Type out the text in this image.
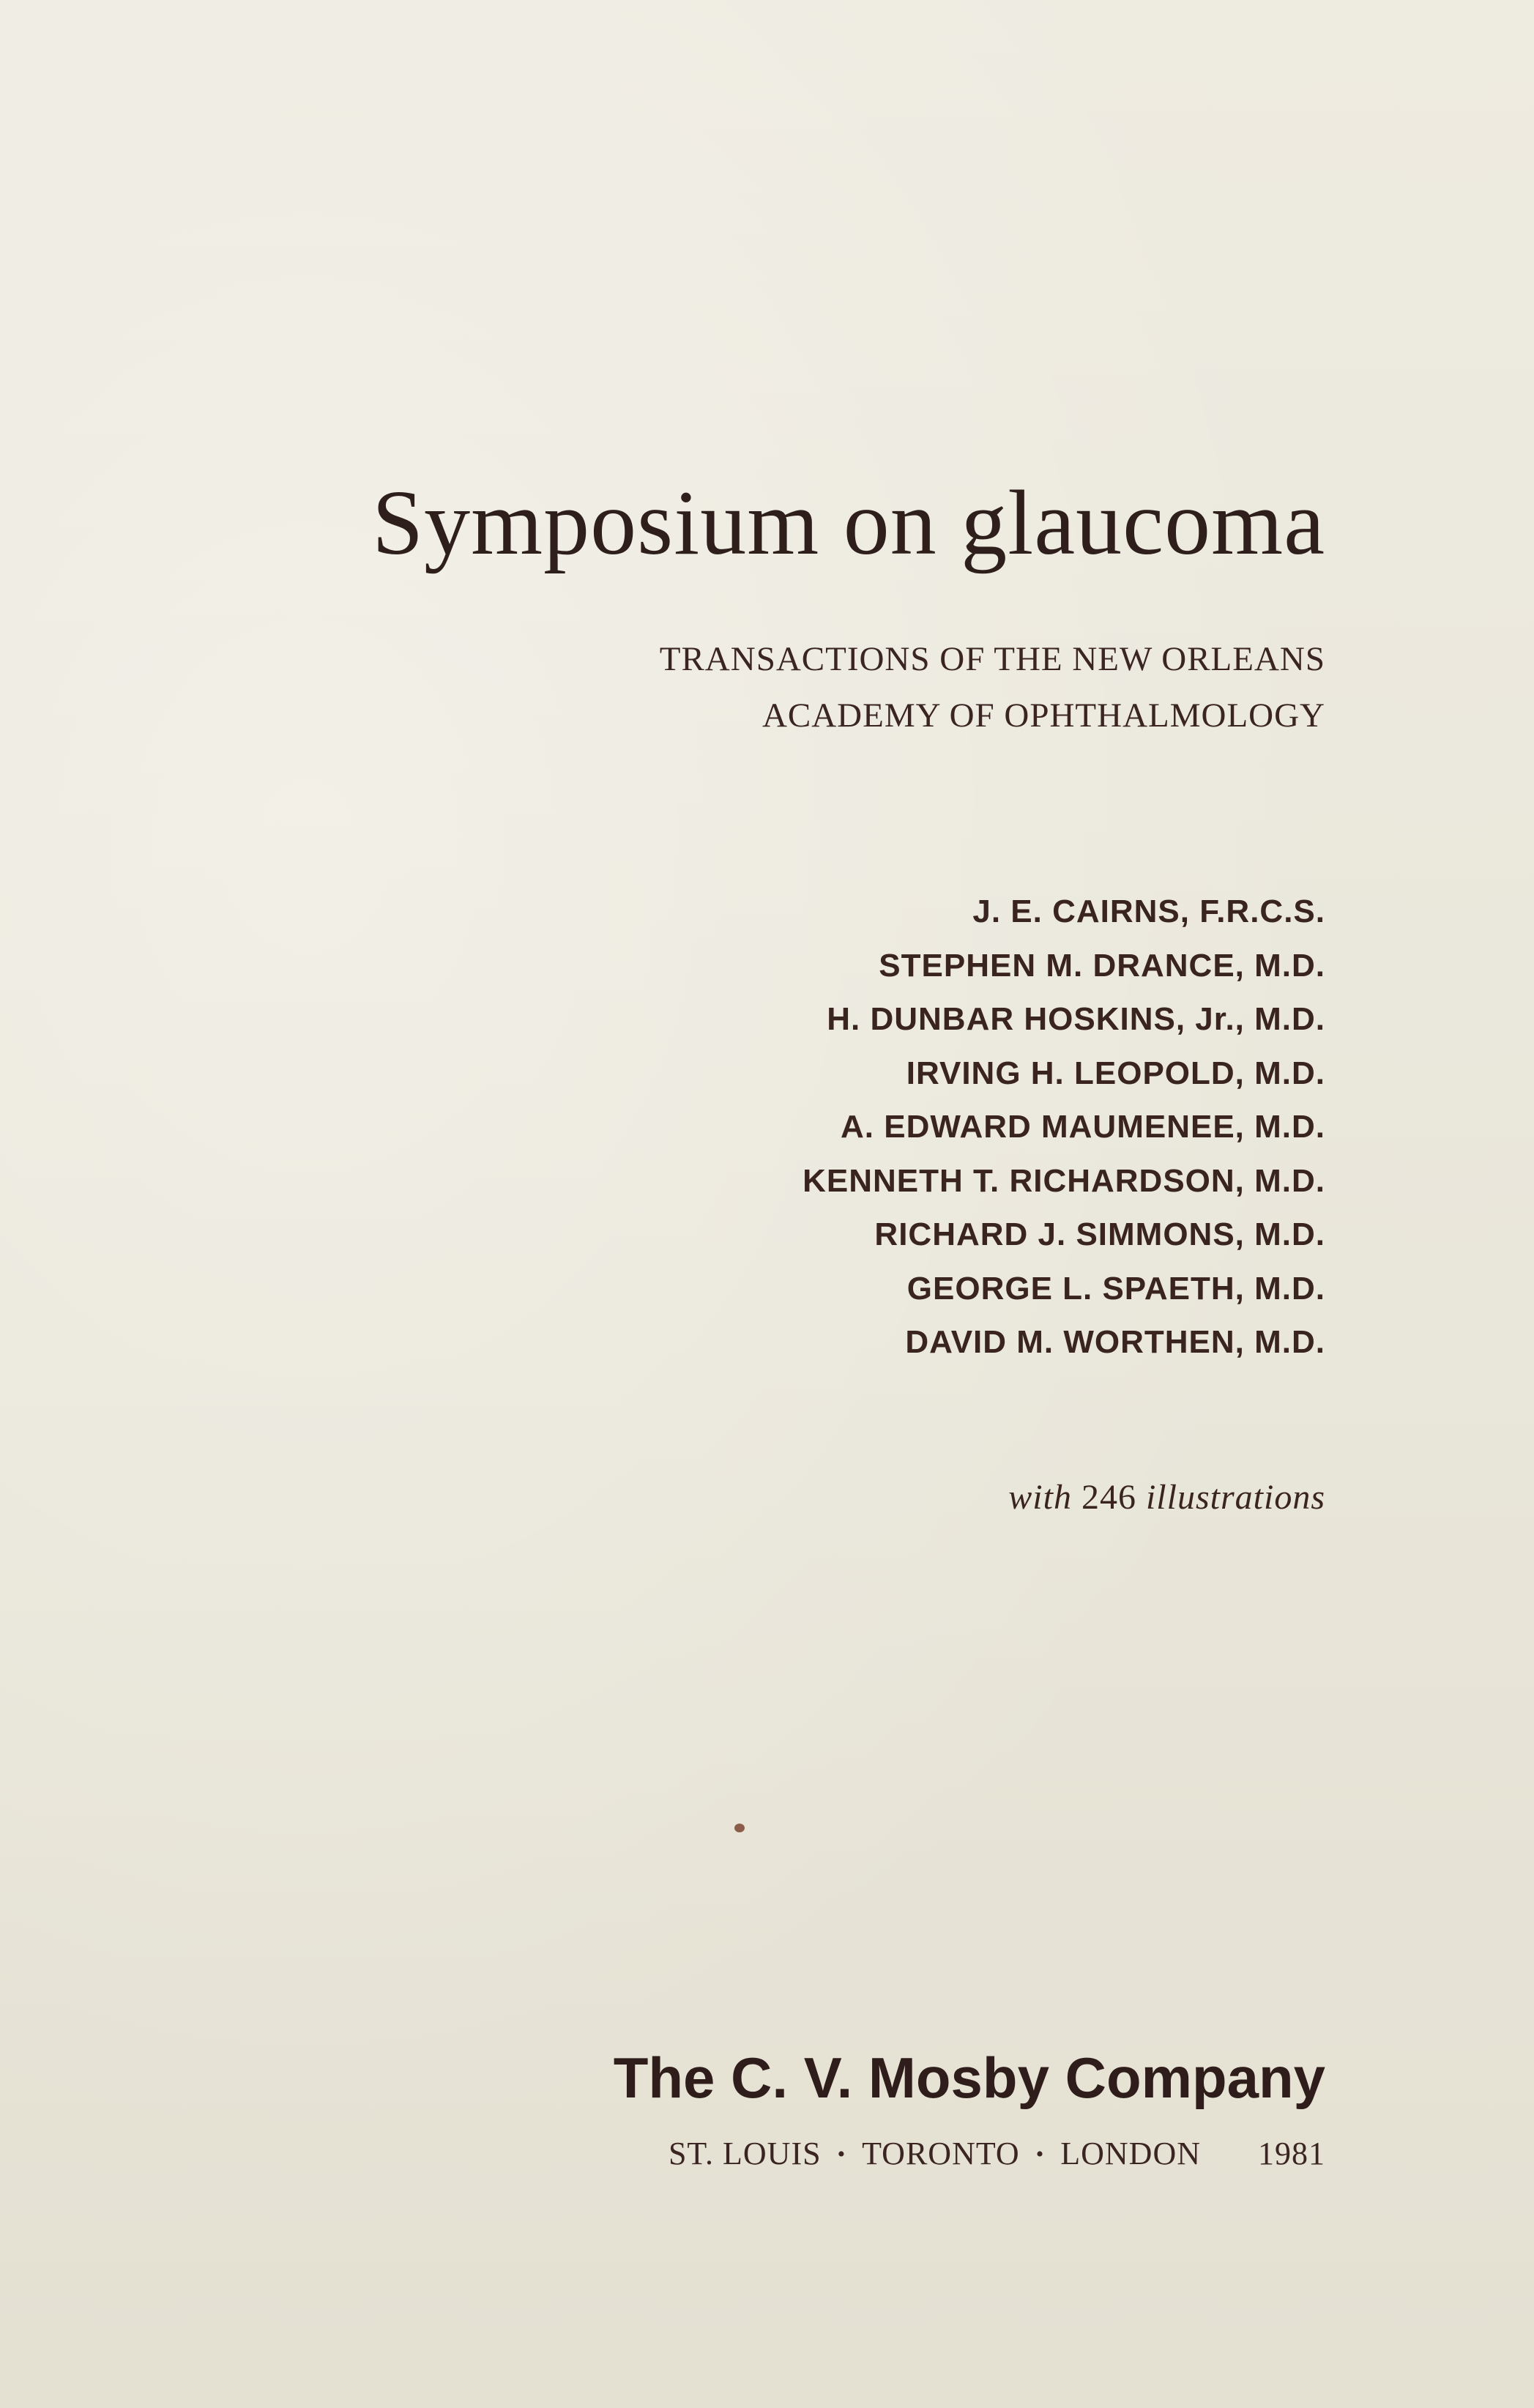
Symposium on glaucoma
TRANSACTIONS OF THE NEW ORLEANS
ACADEMY OF OPHTHALMOLOGY
J. E. CAIRNS, F.R.C.S.
STEPHEN M. DRANCE, M.D.
H. DUNBAR HOSKINS, Jr., M.D.
IRVING H. LEOPOLD, M.D.
A. EDWARD MAUMENEE, M.D.
KENNETH T. RICHARDSON, M.D.
RICHARD J. SIMMONS, M.D.
GEORGE L. SPAETH, M.D.
DAVID M. WORTHEN, M.D.
with 246 illustrations
The C. V. Mosby Company
ST. LOUIS • TORONTO • LONDON 1981
